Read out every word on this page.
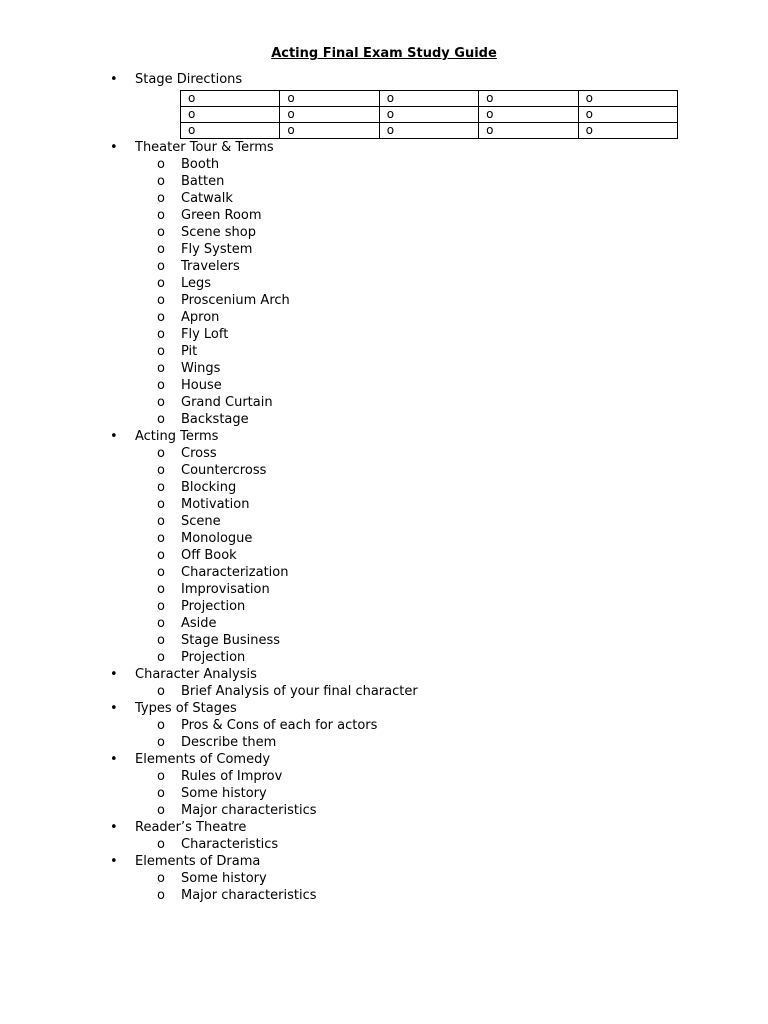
Acting Final Exam Study Guide
• Stage Directions
o	o	o	o	o
o	o	o	o	o
o	o	o	o	o
• Theater Tour & Terms
o Booth
o Batten
o Catwalk
o Green Room
o Scene shop
o Fly System
o Travelers
o Legs
o Proscenium Arch
o Apron
o Fly Loft
o Pit
o Wings
o House
o Grand Curtain
o Backstage
• Acting Terms
o Cross
o Countercross
o Blocking
o Motivation
o Scene
o Monologue
o Off Book
o Characterization
o Improvisation
o Projection
o Aside
o Stage Business
o Projection
• Character Analysis
o Brief Analysis of your final character
• Types of Stages
o Pros & Cons of each for actors
o Describe them
• Elements of Comedy
o Rules of Improv
o Some history
o Major characteristics
• Reader’s Theatre
o Characteristics
• Elements of Drama
o Some history
o Major characteristics
